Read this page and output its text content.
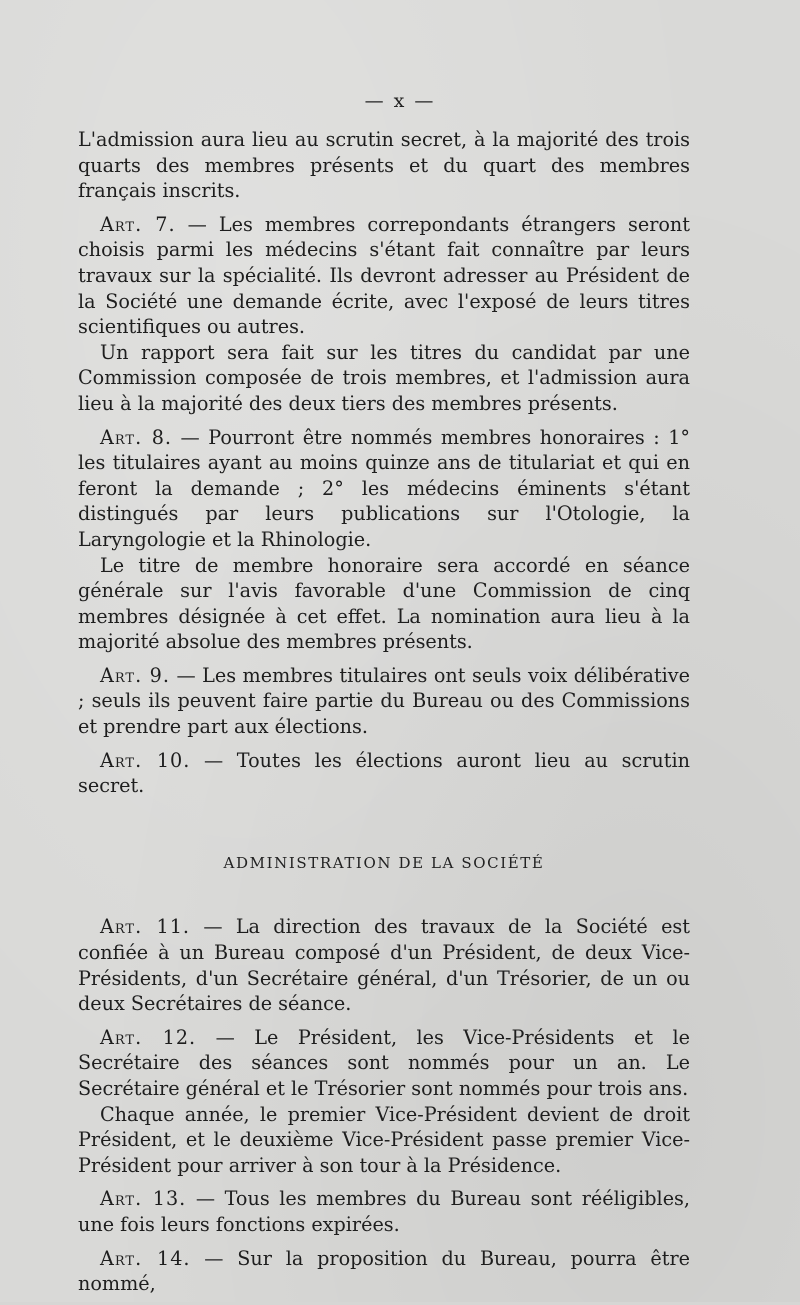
— x —

L'admission aura lieu au scrutin secret, à la majorité des trois quarts des membres présents et du quart des membres français inscrits.

Art. 7. — Les membres correpondants étrangers seront choisis parmi les médecins s'étant fait connaître par leurs travaux sur la spécialité. Ils devront adresser au Président de la Société une demande écrite, avec l'exposé de leurs titres scientifiques ou autres.

Un rapport sera fait sur les titres du candidat par une Commission composée de trois membres, et l'admission aura lieu à la majorité des deux tiers des membres présents.

Art. 8. — Pourront être nommés membres honoraires : 1° les titulaires ayant au moins quinze ans de titulariat et qui en feront la demande ; 2° les médecins éminents s'étant distingués par leurs publications sur l'Otologie, la Laryngologie et la Rhinologie.

Le titre de membre honoraire sera accordé en séance générale sur l'avis favorable d'une Commission de cinq membres désignée à cet effet. La nomination aura lieu à la majorité absolue des membres présents.

Art. 9. — Les membres titulaires ont seuls voix délibérative ; seuls ils peuvent faire partie du Bureau ou des Commissions et prendre part aux élections.

Art. 10. — Toutes les élections auront lieu au scrutin secret.

ADMINISTRATION DE LA SOCIÉTÉ

Art. 11. — La direction des travaux de la Société est confiée à un Bureau composé d'un Président, de deux Vice-Présidents, d'un Secrétaire général, d'un Trésorier, de un ou deux Secrétaires de séance.

Art. 12. — Le Président, les Vice-Présidents et le Secrétaire des séances sont nommés pour un an. Le Secrétaire général et le Trésorier sont nommés pour trois ans.

Chaque année, le premier Vice-Président devient de droit Président, et le deuxième Vice-Président passe premier Vice-Président pour arriver à son tour à la Présidence.

Art. 13. — Tous les membres du Bureau sont rééligibles, une fois leurs fonctions expirées.

Art. 14. — Sur la proposition du Bureau, pourra être nommé,
